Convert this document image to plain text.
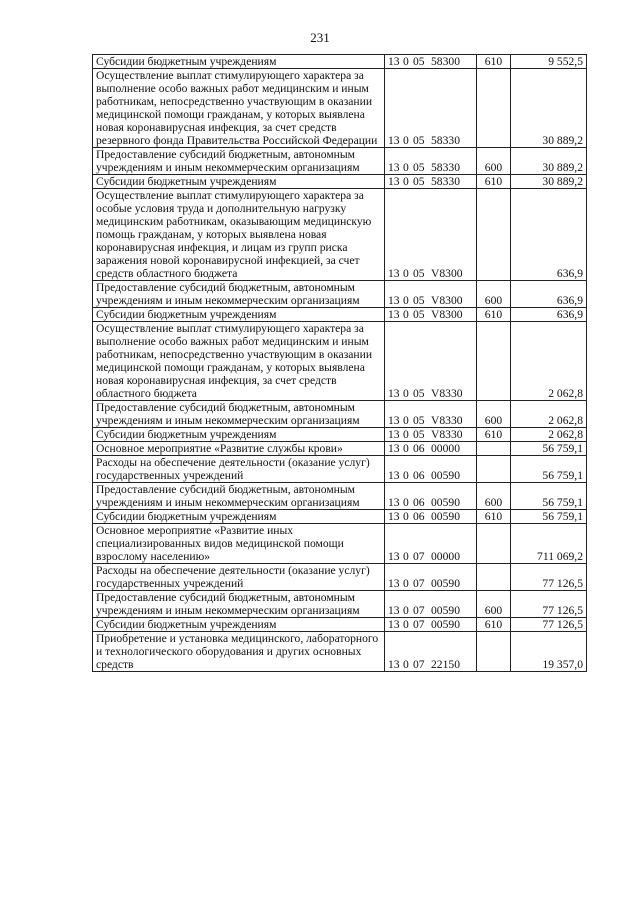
231
Субсидии бюджетным учреждениям	13 0 05 58300	610	9 552,5
Осуществление выплат стимулирующего характера за выполнение особо важных работ медицинским и иным работникам, непосредственно участвующим в оказании медицинской помощи гражданам, у которых выявлена новая коронавирусная инфекция, за счет средств резервного фонда Правительства Российской Федерации	13 0 05 58330		30 889,2
Предоставление субсидий бюджетным, автономным учреждениям и иным некоммерческим организациям	13 0 05 58330	600	30 889,2
Субсидии бюджетным учреждениям	13 0 05 58330	610	30 889,2
Осуществление выплат стимулирующего характера за особые условия труда и дополнительную нагрузку медицинским работникам, оказывающим медицинскую помощь гражданам, у которых выявлена новая коронавирусная инфекция, и лицам из групп риска заражения новой коронавирусной инфекцией, за счет средств областного бюджета	13 0 05 V8300		636,9
Предоставление субсидий бюджетным, автономным учреждениям и иным некоммерческим организациям	13 0 05 V8300	600	636,9
Субсидии бюджетным учреждениям	13 0 05 V8300	610	636,9
Осуществление выплат стимулирующего характера за выполнение особо важных работ медицинским и иным работникам, непосредственно участвующим в оказании медицинской помощи гражданам, у которых выявлена новая коронавирусная инфекция, за счет средств областного бюджета	13 0 05 V8330		2 062,8
Предоставление субсидий бюджетным, автономным учреждениям и иным некоммерческим организациям	13 0 05 V8330	600	2 062,8
Субсидии бюджетным учреждениям	13 0 05 V8330	610	2 062,8
Основное мероприятие «Развитие службы крови»	13 0 06 00000		56 759,1
Расходы на обеспечение деятельности (оказание услуг) государственных учреждений	13 0 06 00590		56 759,1
Предоставление субсидий бюджетным, автономным учреждениям и иным некоммерческим организациям	13 0 06 00590	600	56 759,1
Субсидии бюджетным учреждениям	13 0 06 00590	610	56 759,1
Основное мероприятие «Развитие иных специализированных видов медицинской помощи взрослому населению»	13 0 07 00000		711 069,2
Расходы на обеспечение деятельности (оказание услуг) государственных учреждений	13 0 07 00590		77 126,5
Предоставление субсидий бюджетным, автономным учреждениям и иным некоммерческим организациям	13 0 07 00590	600	77 126,5
Субсидии бюджетным учреждениям	13 0 07 00590	610	77 126,5
Приобретение и установка медицинского, лабораторного и технологического оборудования и других основных средств	13 0 07 22150		19 357,0
